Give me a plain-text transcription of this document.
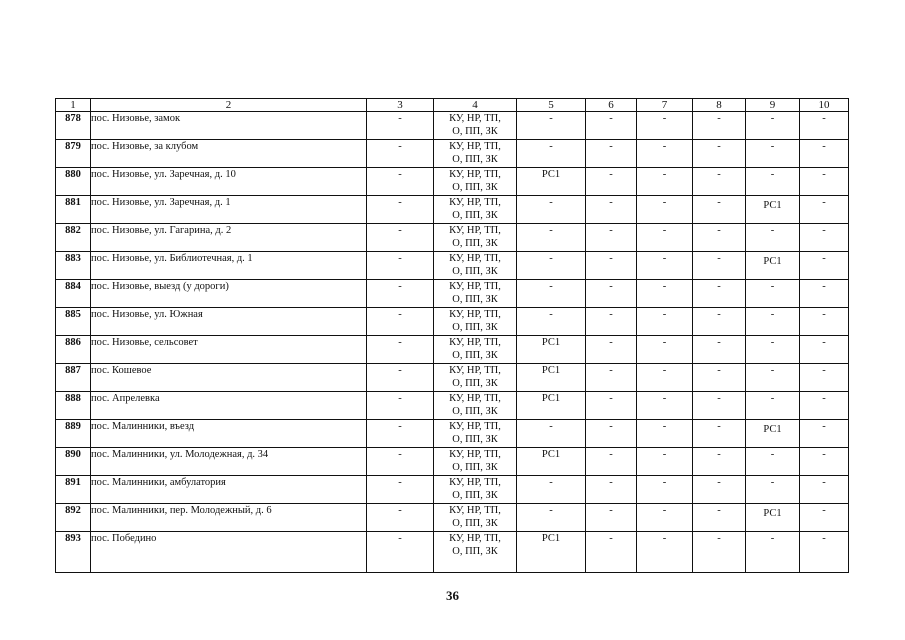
1	2	3	4	5	6	7	8	9	10
878	пос. Низовье, замок	-	КУ, НР, ТП,
О, ПП, ЗК	-	-	-	-	-	-
879	пос. Низовье, за клубом	-	КУ, НР, ТП,
О, ПП, ЗК	-	-	-	-	-	-
880	пос. Низовье, ул. Заречная, д. 10	-	КУ, НР, ТП,
О, ПП, ЗК	РС1	-	-	-	-	-
881	пос. Низовье, ул. Заречная, д. 1	-	КУ, НР, ТП,
О, ПП, ЗК	-	-	-	-	РС1	-
882	пос. Низовье, ул. Гагарина, д. 2	-	КУ, НР, ТП,
О, ПП, ЗК	-	-	-	-	-	-
883	пос. Низовье, ул. Библиотечная, д. 1	-	КУ, НР, ТП,
О, ПП, ЗК	-	-	-	-	РС1	-
884	пос. Низовье, выезд (у дороги)	-	КУ, НР, ТП,
О, ПП, ЗК	-	-	-	-	-	-
885	пос. Низовье, ул. Южная	-	КУ, НР, ТП,
О, ПП, ЗК	-	-	-	-	-	-
886	пос. Низовье, сельсовет	-	КУ, НР, ТП,
О, ПП, ЗК	РС1	-	-	-	-	-
887	пос. Кошевое	-	КУ, НР, ТП,
О, ПП, ЗК	РС1	-	-	-	-	-
888	пос. Апрелевка	-	КУ, НР, ТП,
О, ПП, ЗК	РС1	-	-	-	-	-
889	пос. Малинники, въезд	-	КУ, НР, ТП,
О, ПП, ЗК	-	-	-	-	РС1	-
890	пос. Малинники, ул. Молодежная, д. 34	-	КУ, НР, ТП,
О, ПП, ЗК	РС1	-	-	-	-	-
891	пос. Малинники, амбулатория	-	КУ, НР, ТП,
О, ПП, ЗК	-	-	-	-	-	-
892	пос. Малинники, пер. Молодежный, д. 6	-	КУ, НР, ТП,
О, ПП, ЗК	-	-	-	-	РС1	-
893	пос. Победино	-	КУ, НР, ТП,
О, ПП, ЗК	РС1	-	-	-	-	-
36
